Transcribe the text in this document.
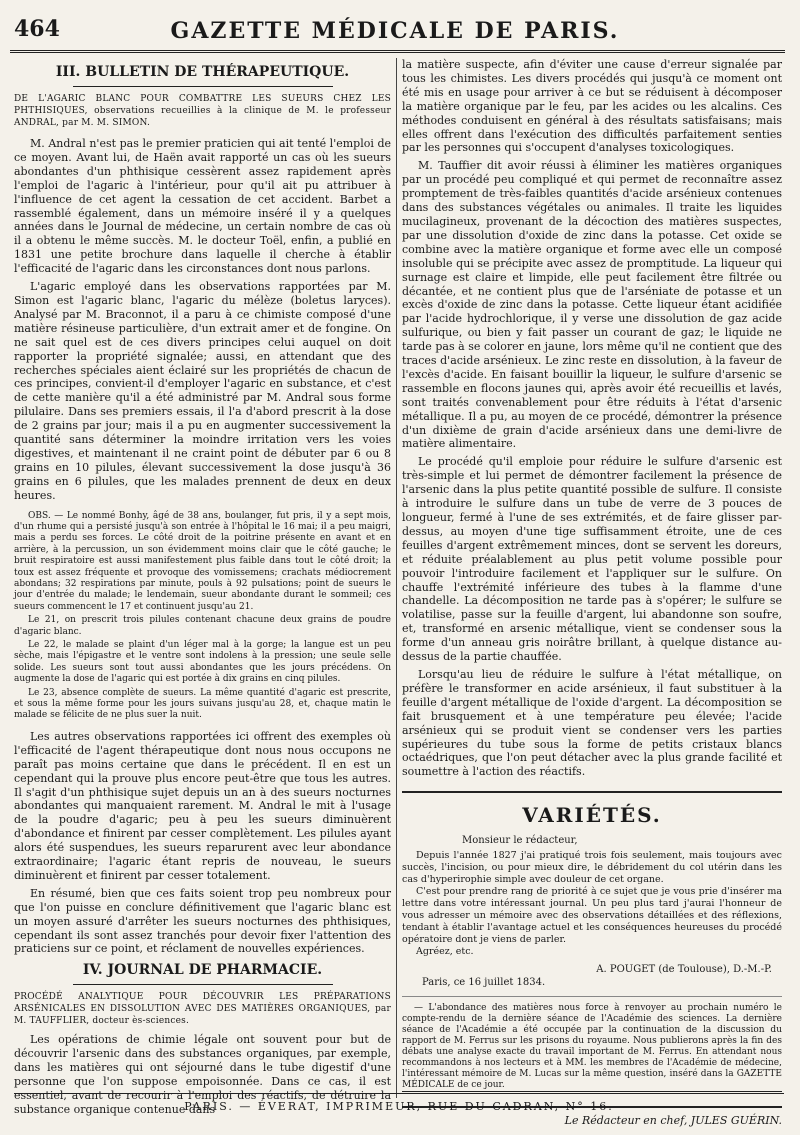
464	GAZETTE MÉDICALE DE PARIS.
III. BULLETIN DE THÉRAPEUTIQUE.

DE L'AGARIC BLANC POUR COMBATTRE LES SUEURS CHEZ LES PHTHISIQUES, observations recueillies à la clinique de M. le professeur ANDRAL, par M. M. SIMON.

M. Andral n'est pas le premier praticien qui ait tenté l'emploi de ce moyen. Avant lui, de Haën avait rapporté un cas où les sueurs abondantes d'un phthisique cessèrent assez rapidement après l'emploi de l'agaric à l'intérieur, pour qu'il ait pu attribuer à l'influence de cet agent la cessation de cet accident. Barbet a rassemblé également, dans un mémoire inséré il y a quelques années dans le Journal de médecine, un certain nombre de cas où il a obtenu le même succès. M. le docteur Toël, enfin, a publié en 1831 une petite brochure dans laquelle il cherche à établir l'efficacité de l'agaric dans les circonstances dont nous parlons.

L'agaric employé dans les observations rapportées par M. Simon est l'agaric blanc, l'agaric du mélèze (boletus laryces). Analysé par M. Braconnot, il a paru à ce chimiste composé d'une matière résineuse particulière, d'un extrait amer et de fongine. On ne sait quel est de ces divers principes celui auquel on doit rapporter la propriété signalée; aussi, en attendant que des recherches spéciales aient éclairé sur les propriétés de chacun de ces principes, convient-il d'employer l'agaric en substance, et c'est de cette manière qu'il a été administré par M. Andral sous forme pilulaire. Dans ses premiers essais, il l'a d'abord prescrit à la dose de 2 grains par jour; mais il a pu en augmenter successivement la quantité sans déterminer la moindre irritation vers les voies digestives, et maintenant il ne craint point de débuter par 6 ou 8 grains en 10 pilules, élevant successivement la dose jusqu'à 36 grains en 6 pilules, que les malades prennent de deux en deux heures.

OBS. — Le nommé Bonhy, âgé de 38 ans, boulanger, fut pris, il y a sept mois, d'un rhume qui a persisté jusqu'à son entrée à l'hôpital le 16 mai; il a peu maigri, mais a perdu ses forces. Le côté droit de la poitrine présente en avant et en arrière, à la percussion, un son évidemment moins clair que le côté gauche; le bruit respiratoire est aussi manifestement plus faible dans tout le côté droit; la toux est assez fréquente et provoque des vomissemens; crachats médiocrement abondans; 32 respirations par minute, pouls à 92 pulsations; point de sueurs le jour d'entrée du malade; le lendemain, sueur abondante durant le sommeil; ces sueurs commencent le 17 et continuent jusqu'au 21.

Le 21, on prescrit trois pilules contenant chacune deux grains de poudre d'agaric blanc.

Le 22, le malade se plaint d'un léger mal à la gorge; la langue est un peu sèche, mais l'épigastre et le ventre sont indolens à la pression; une seule selle solide. Les sueurs sont tout aussi abondantes que les jours précédens. On augmente la dose de l'agaric qui est portée à dix grains en cinq pilules.

Le 23, absence complète de sueurs. La même quantité d'agaric est prescrite, et sous la même forme pour les jours suivans jusqu'au 28, et, chaque matin le malade se félicite de ne plus suer la nuit.

Les autres observations rapportées ici offrent des exemples où l'efficacité de l'agent thérapeutique dont nous nous occupons ne paraît pas moins certaine que dans le précédent. Il en est un cependant qui la prouve plus encore peut-être que tous les autres. Il s'agit d'un phthisique sujet depuis un an à des sueurs nocturnes abondantes qui manquaient rarement. M. Andral le mit à l'usage de la poudre d'agaric; peu à peu les sueurs diminuèrent d'abondance et finirent par cesser complètement. Les pilules ayant alors été suspendues, les sueurs reparurent avec leur abondance extraordinaire; l'agaric étant repris de nouveau, le sueurs diminuèrent et finirent par cesser totalement.

En résumé, bien que ces faits soient trop peu nombreux pour que l'on puisse en conclure définitivement que l'agaric blanc est un moyen assuré d'arrêter les sueurs nocturnes des phthisiques, cependant ils sont assez tranchés pour devoir fixer l'attention des praticiens sur ce point, et réclament de nouvelles expériences.

IV. JOURNAL DE PHARMACIE.

PROCÉDÉ ANALYTIQUE POUR DÉCOUVRIR LES PRÉPARATIONS ARSÉNICALES EN DISSOLUTION AVEC DES MATIÈRES ORGANIQUES, par M. TAUFFLIER, docteur ès-sciences.

Les opérations de chimie légale ont souvent pour but de découvrir l'arsenic dans des substances organiques, par exemple, dans les matières qui ont séjourné dans le tube digestif d'une personne que l'on suppose empoisonnée. Dans ce cas, il est essentiel, avant de recourir à l'emploi des réactifs, de détruire la substance organique contenue dans

la matière suspecte, afin d'éviter une cause d'erreur signalée par tous les chimistes. Les divers procédés qui jusqu'à ce moment ont été mis en usage pour arriver à ce but se réduisent à décomposer la matière organique par le feu, par les acides ou les alcalins. Ces méthodes conduisent en général à des résultats satisfaisans; mais elles offrent dans l'exécution des difficultés parfaitement senties par les personnes qui s'occupent d'analyses toxicologiques.

M. Tauffier dit avoir réussi à éliminer les matières organiques par un procédé peu compliqué et qui permet de reconnaître assez promptement de très-faibles quantités d'acide arsénieux contenues dans des substances végétales ou animales. Il traite les liquides mucilagineux, provenant de la décoction des matières suspectes, par une dissolution d'oxide de zinc dans la potasse. Cet oxide se combine avec la matière organique et forme avec elle un composé insoluble qui se précipite avec assez de promptitude. La liqueur qui surnage est claire et limpide, elle peut facilement être filtrée ou décantée, et ne contient plus que de l'arséniate de potasse et un excès d'oxide de zinc dans la potasse. Cette liqueur étant acidifiée par l'acide hydrochlorique, il y verse une dissolution de gaz acide sulfurique, ou bien y fait passer un courant de gaz; le liquide ne tarde pas à se colorer en jaune, lors même qu'il ne contient que des traces d'acide arsénieux. Le zinc reste en dissolution, à la faveur de l'excès d'acide. En faisant bouillir la liqueur, le sulfure d'arsenic se rassemble en flocons jaunes qui, après avoir été recueillis et lavés, sont traités convenablement pour être réduits à l'état d'arsenic métallique. Il a pu, au moyen de ce procédé, démontrer la présence d'un dixième de grain d'acide arsénieux dans une demi-livre de matière alimentaire.

Le procédé qu'il emploie pour réduire le sulfure d'arsenic est très-simple et lui permet de démontrer facilement la présence de l'arsenic dans la plus petite quantité possible de sulfure. Il consiste à introduire le sulfure dans un tube de verre de 3 pouces de longueur, fermé à l'une de ses extrémités, et de faire glisser par-dessus, au moyen d'une tige suffisamment étroite, une de ces feuilles d'argent extrêmement minces, dont se servent les doreurs, et réduite préalablement au plus petit volume possible pour pouvoir l'introduire facilement et l'appliquer sur le sulfure. On chauffe l'extrémité inférieure des tubes à la flamme d'une chandelle. La décomposition ne tarde pas à s'opérer; le sulfure se volatilise, passe sur la feuille d'argent, lui abandonne son soufre, et, transformé en arsenic métallique, vient se condenser sous la forme d'un anneau gris noirâtre brillant, à quelque distance au-dessus de la partie chauffée.

Lorsqu'au lieu de réduire le sulfure à l'état métallique, on préfère le transformer en acide arsénieux, il faut substituer à la feuille d'argent métallique de l'oxide d'argent. La décomposition se fait brusquement et à une température peu élevée; l'acide arsénieux qui se produit vient se condenser vers les parties supérieures du tube sous la forme de petits cristaux blancs octaédriques, que l'on peut détacher avec la plus grande facilité et soumettre à l'action des réactifs.

VARIÉTÉS.

Monsieur le rédacteur,

Depuis l'année 1827 j'ai pratiqué trois fois seulement, mais toujours avec succès, l'incision, ou pour mieux dire, le débridement du col utérin dans les cas d'hyperirophie simple avec douleur de cet organe.

C'est pour prendre rang de priorité à ce sujet que je vous prie d'insérer ma lettre dans votre intéressant journal. Un peu plus tard j'aurai l'honneur de vous adresser un mémoire avec des observations détaillées et des réflexions, tendant à établir l'avantage actuel et les conséquences heureuses du procédé opératoire dont je viens de parler.

Agréez, etc.

A. POUGET (de Toulouse), D.-M.-P.

Paris, ce 16 juillet 1834.

— L'abondance des matières nous force à renvoyer au prochain numéro le compte-rendu de la dernière séance de l'Académie des sciences. La dernière séance de l'Académie a été occupée par la continuation de la discussion du rapport de M. Ferrus sur les prisons du royaume. Nous publierons après la fin des débats une analyse exacte du travail important de M. Ferrus. En attendant nous recommandons à nos lecteurs et à MM. les membres de l'Académie de médecine, l'intéressant mémoire de M. Lucas sur la même question, inséré dans la GAZETTE MÉDICALE de ce jour.

Le Rédacteur en chef, JULES GUÉRIN.

PARIS. — ÉVERAT, IMPRIMEUR, RUE DU CADRAN, N° 16.
